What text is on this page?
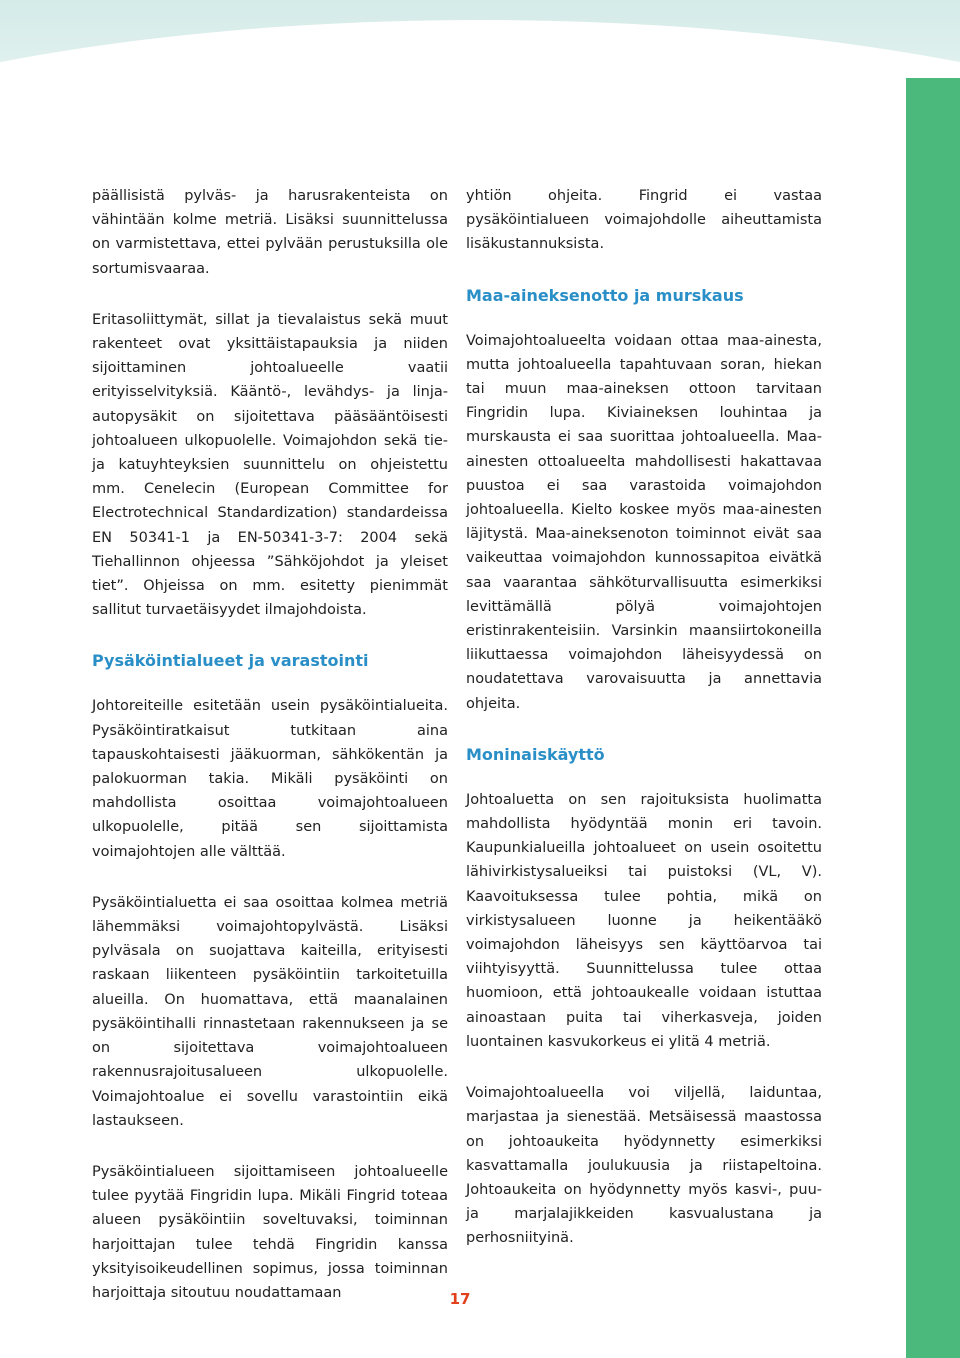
päällisistä pylväs- ja harusrakenteista on vähintään kolme metriä. Lisäksi suunnittelussa on varmistettava, ettei pylvään perustuksilla ole sortumisvaaraa.

Eritasoliittymät, sillat ja tievalaistus sekä muut rakenteet ovat yksittäistapauksia ja niiden sijoittaminen johtoalueelle vaatii erityisselvityksiä. Kääntö-, levähdys- ja linja-autopysäkit on sijoitettava pääsääntöisesti johtoalueen ulkopuolelle. Voimajohdon sekä tie- ja katuyhteyksien suunnittelu on ohjeistettu mm. Cenelecin (European Committee for Electrotechnical Standardization) standardeissa EN 50341-1 ja EN-50341-3-7: 2004 sekä Tiehallinnon ohjeessa ”Sähköjohdot ja yleiset tiet”. Ohjeissa on mm. esitetty pienimmät sallitut turvaetäisyydet ilmajohdoista.

Pysäköintialueet ja varastointi

Johtoreiteille esitetään usein pysäköintialueita. Pysäköintiratkaisut tutkitaan aina tapauskohtaisesti jääkuorman, sähkökentän ja palokuorman takia. Mikäli pysäköinti on mahdollista osoittaa voimajohtoalueen ulkopuolelle, pitää sen sijoittamista voimajohtojen alle välttää.

Pysäköintialuetta ei saa osoittaa kolmea metriä lähemmäksi voimajohtopylvästä. Lisäksi pylväsala on suojattava kaiteilla, erityisesti raskaan liikenteen pysäköintiin tarkoitetuilla alueilla. On huomattava, että maanalainen pysäköintihalli rinnastetaan rakennukseen ja se on sijoitettava voimajohtoalueen rakennusrajoitusalueen ulkopuolelle. Voimajohtoalue ei sovellu varastointiin eikä lastaukseen.

Pysäköintialueen sijoittamiseen johtoalueelle tulee pyytää Fingridin lupa. Mikäli Fingrid toteaa alueen pysäköintiin soveltuvaksi, toiminnan harjoittajan tulee tehdä Fingridin kanssa yksityisoikeudellinen sopimus, jossa toiminnan harjoittaja sitoutuu noudattamaan

yhtiön ohjeita. Fingrid ei vastaa pysäköintialueen voimajohdolle aiheuttamista lisäkustannuksista.

Maa-aineksenotto ja murskaus

Voimajohtoalueelta voidaan ottaa maa-ainesta, mutta johtoalueella tapahtuvaan soran, hiekan tai muun maa-aineksen ottoon tarvitaan Fingridin lupa. Kiviaineksen louhintaa ja murskausta ei saa suorittaa johtoalueella. Maa-ainesten ottoalueelta mahdollisesti hakattavaa puustoa ei saa varastoida voimajohdon johtoalueella. Kielto koskee myös maa-ainesten läjitystä. Maa-aineksenoton toiminnot eivät saa vaikeuttaa voimajohdon kunnossapitoa eivätkä saa vaarantaa sähköturvallisuutta esimerkiksi levittämällä pölyä voimajohtojen eristinrakenteisiin. Varsinkin maansiirtokoneilla liikuttaessa voimajohdon läheisyydessä on noudatettava varovaisuutta ja annettavia ohjeita.

Moninaiskäyttö

Johtoaluetta on sen rajoituksista huolimatta mahdollista hyödyntää monin eri tavoin. Kaupunkialueilla johtoalueet on usein osoitettu lähivirkistysalueiksi tai puistoksi (VL, V). Kaavoituksessa tulee pohtia, mikä on virkistysalueen luonne ja heikentääkö voimajohdon läheisyys sen käyttöarvoa tai viihtyisyyttä. Suunnittelussa tulee ottaa huomioon, että johtoaukealle voidaan istuttaa ainoastaan puita tai viherkasveja, joiden luontainen kasvukorkeus ei ylitä 4 metriä.

Voimajohtoalueella voi viljellä, laiduntaa, marjastaa ja sienestää. Metsäisessä maastossa on johtoaukeita hyödynnetty esimerkiksi kasvattamalla joulukuusia ja riistapeltoina. Johtoaukeita on hyödynnetty myös kasvi-, puu- ja marjalajikkeiden kasvualustana ja perhosniityinä.

17
